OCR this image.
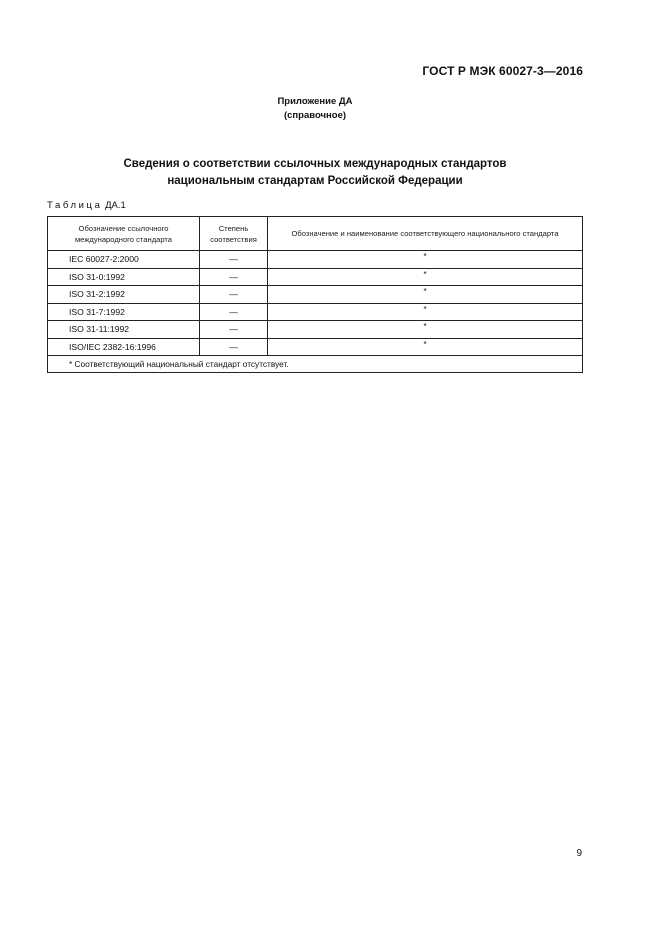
ГОСТ Р МЭК 60027-3—2016
Приложение ДА
(справочное)
Сведения о соответствии ссылочных международных стандартов
национальным стандартам Российской Федерации
Таблица ДА.1
Обозначение ссылочного международного стандарта	Степень соответствия	Обозначение и наименование соответствующего национального стандарта
IEC 60027-2:2000	—	*
ISO 31-0:1992	—	*
ISO 31-2:1992	—	*
ISO 31-7:1992	—	*
ISO 31-11:1992	—	*
ISO/IEC 2382-16:1996	—	*
* Соответствующий национальный стандарт отсутствует.		
9
